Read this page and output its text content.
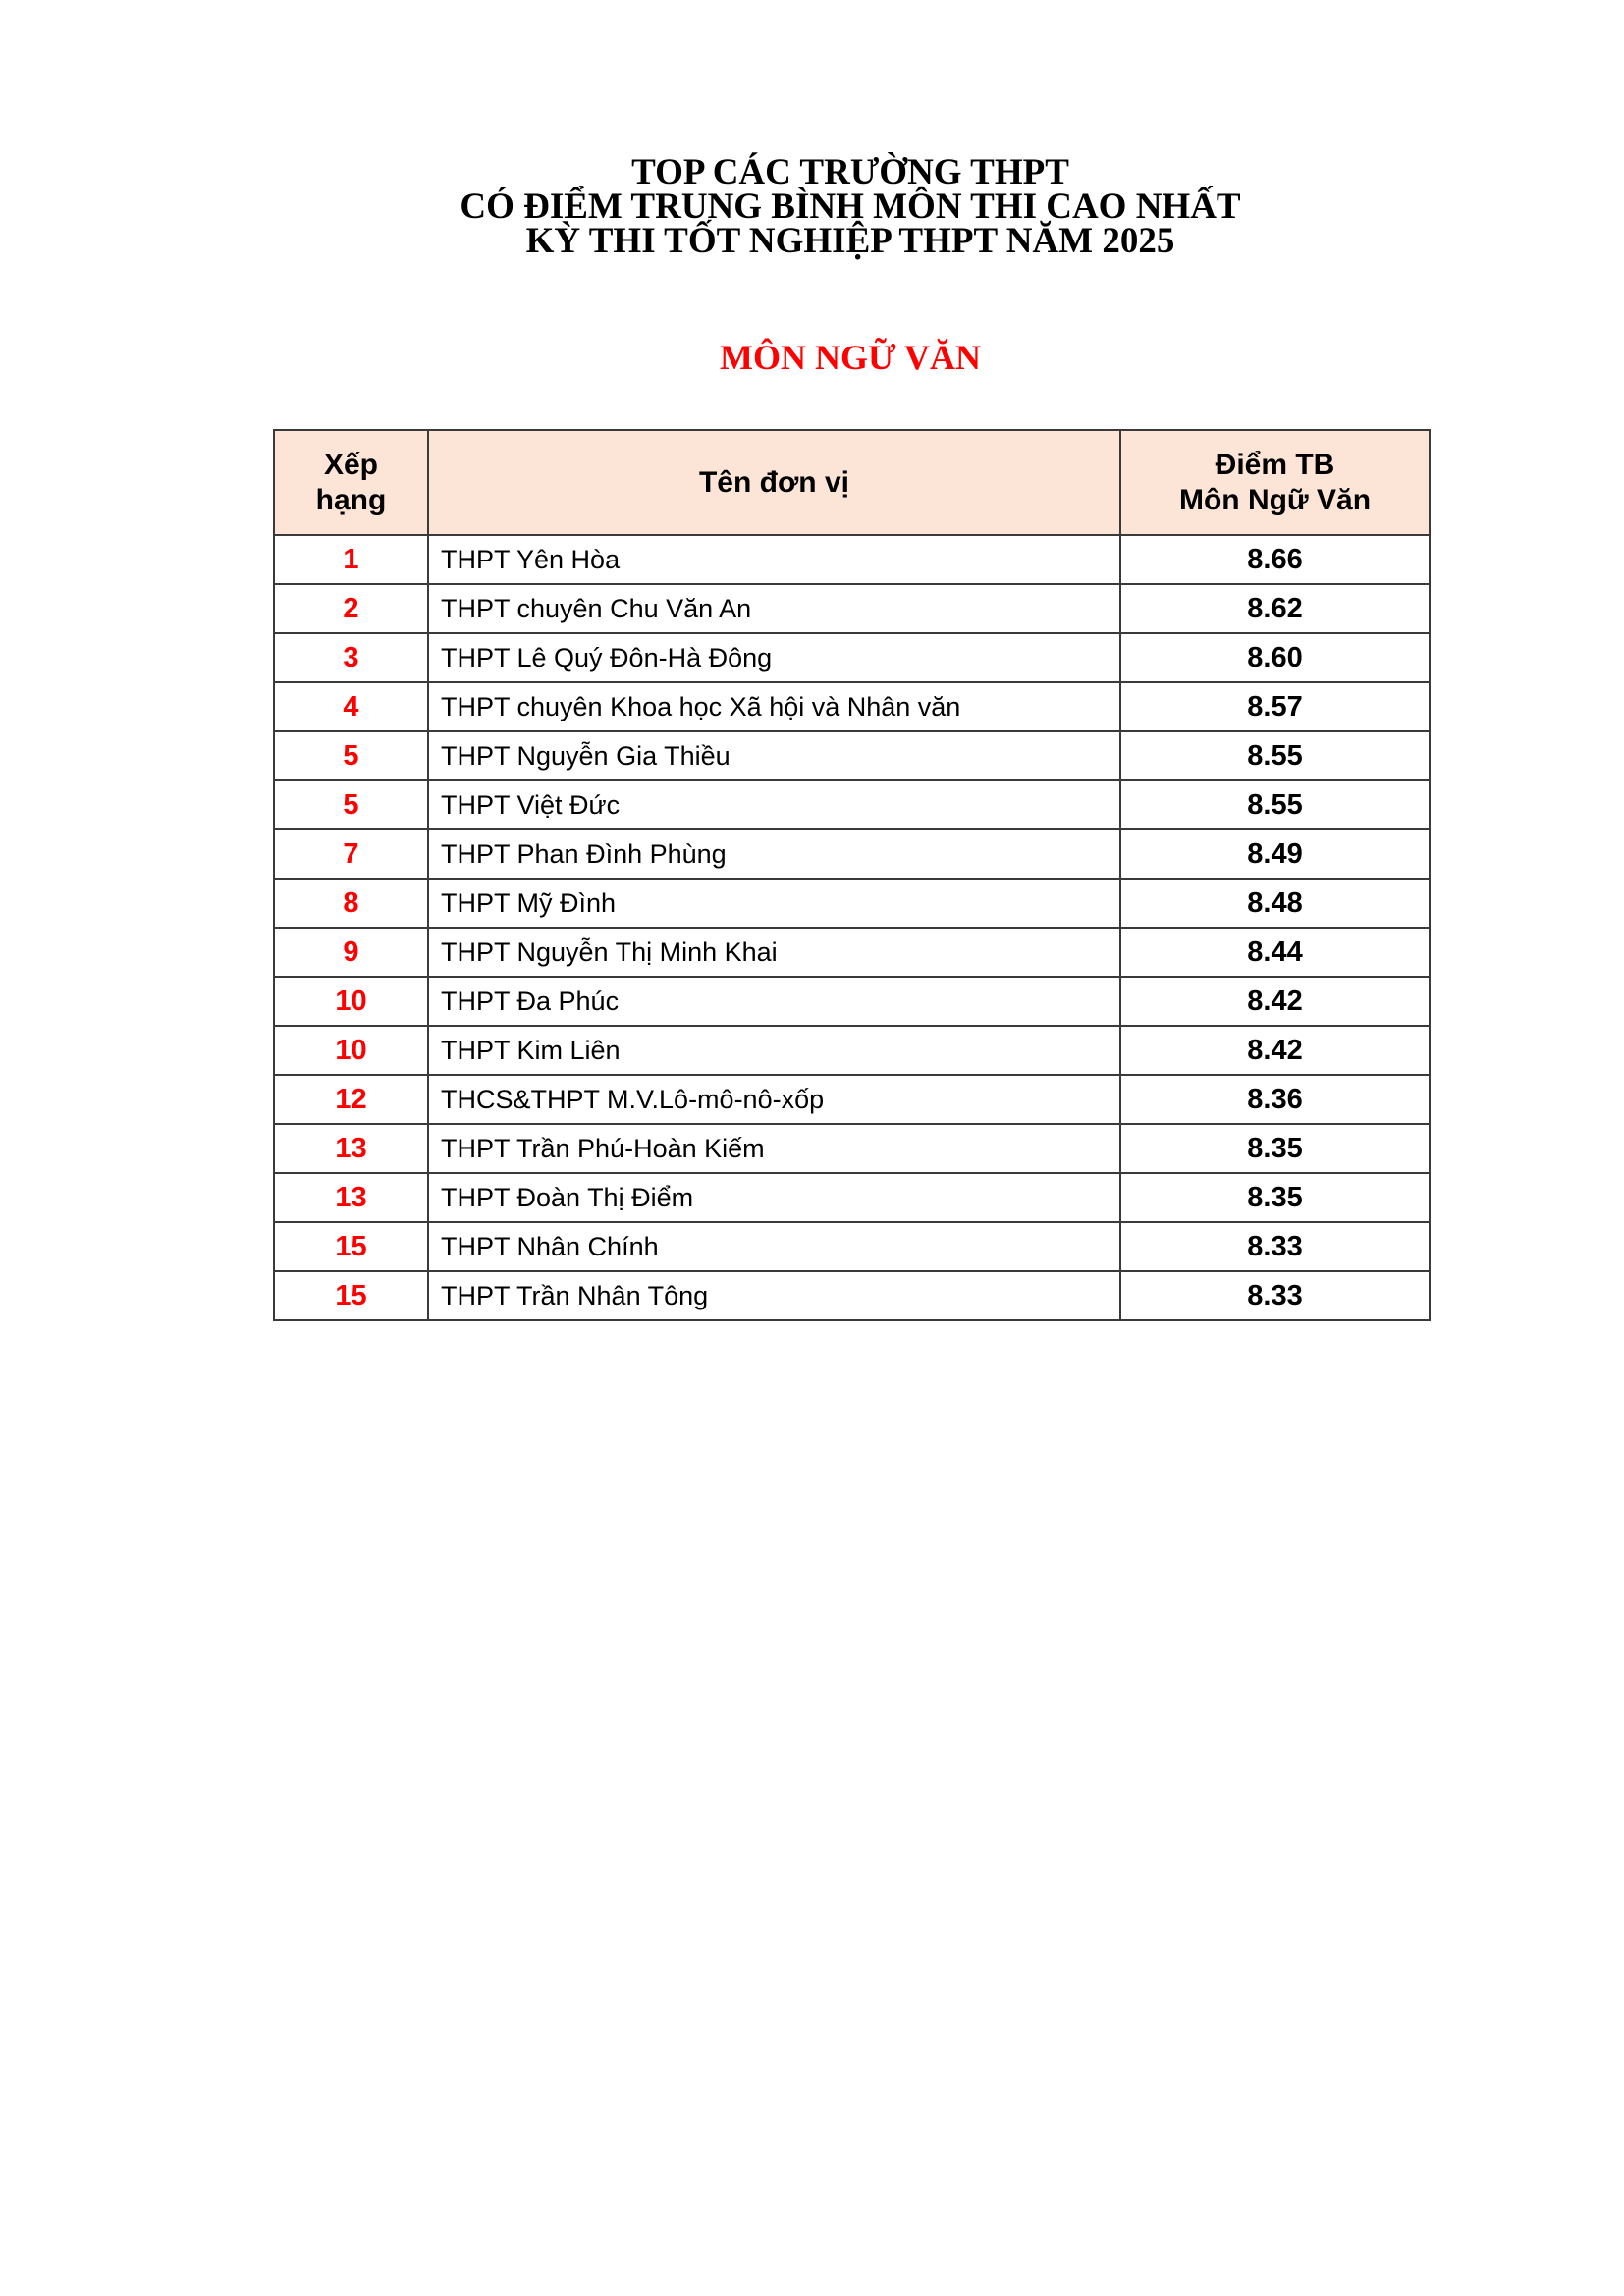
TOP CÁC TRƯỜNG THPT
CÓ ĐIỂM TRUNG BÌNH MÔN THI CAO NHẤT
KỲ THI TỐT NGHIỆP THPT NĂM 2025
MÔN NGỮ VĂN
Xếp
hạng	Tên đơn vị	Điểm TB
Môn Ngữ Văn

1	THPT Yên Hòa	8.66
2	THPT chuyên Chu Văn An	8.62
3	THPT Lê Quý Đôn-Hà Đông	8.60
4	THPT chuyên Khoa học Xã hội và Nhân văn	8.57
5	THPT Nguyễn Gia Thiều	8.55
5	THPT Việt Đức	8.55
7	THPT Phan Đình Phùng	8.49
8	THPT Mỹ Đình	8.48
9	THPT Nguyễn Thị Minh Khai	8.44
10	THPT Đa Phúc	8.42
10	THPT Kim Liên	8.42
12	THCS&THPT M.V.Lô-mô-nô-xốp	8.36
13	THPT Trần Phú-Hoàn Kiếm	8.35
13	THPT Đoàn Thị Điểm	8.35
15	THPT Nhân Chính	8.33
15	THPT Trần Nhân Tông	8.33
